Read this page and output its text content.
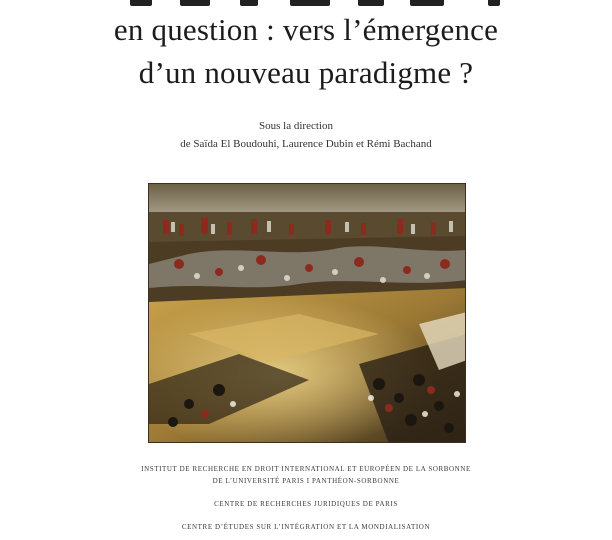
en question : vers l’émergence
d’un nouveau paradigme ?
Sous la direction
de Saïda El Boudouhi, Laurence Dubin et Rémi Bachand
INSTITUT DE RECHERCHE EN DROIT INTERNATIONAL ET EUROPÉEN DE LA SORBONNE
DE L’UNIVERSITÉ PARIS I PANTHÉON-SORBONNE
CENTRE DE RECHERCHES JURIDIQUES DE PARIS
CENTRE D’ÉTUDES SUR L’INTÉGRATION ET LA MONDIALISATION
